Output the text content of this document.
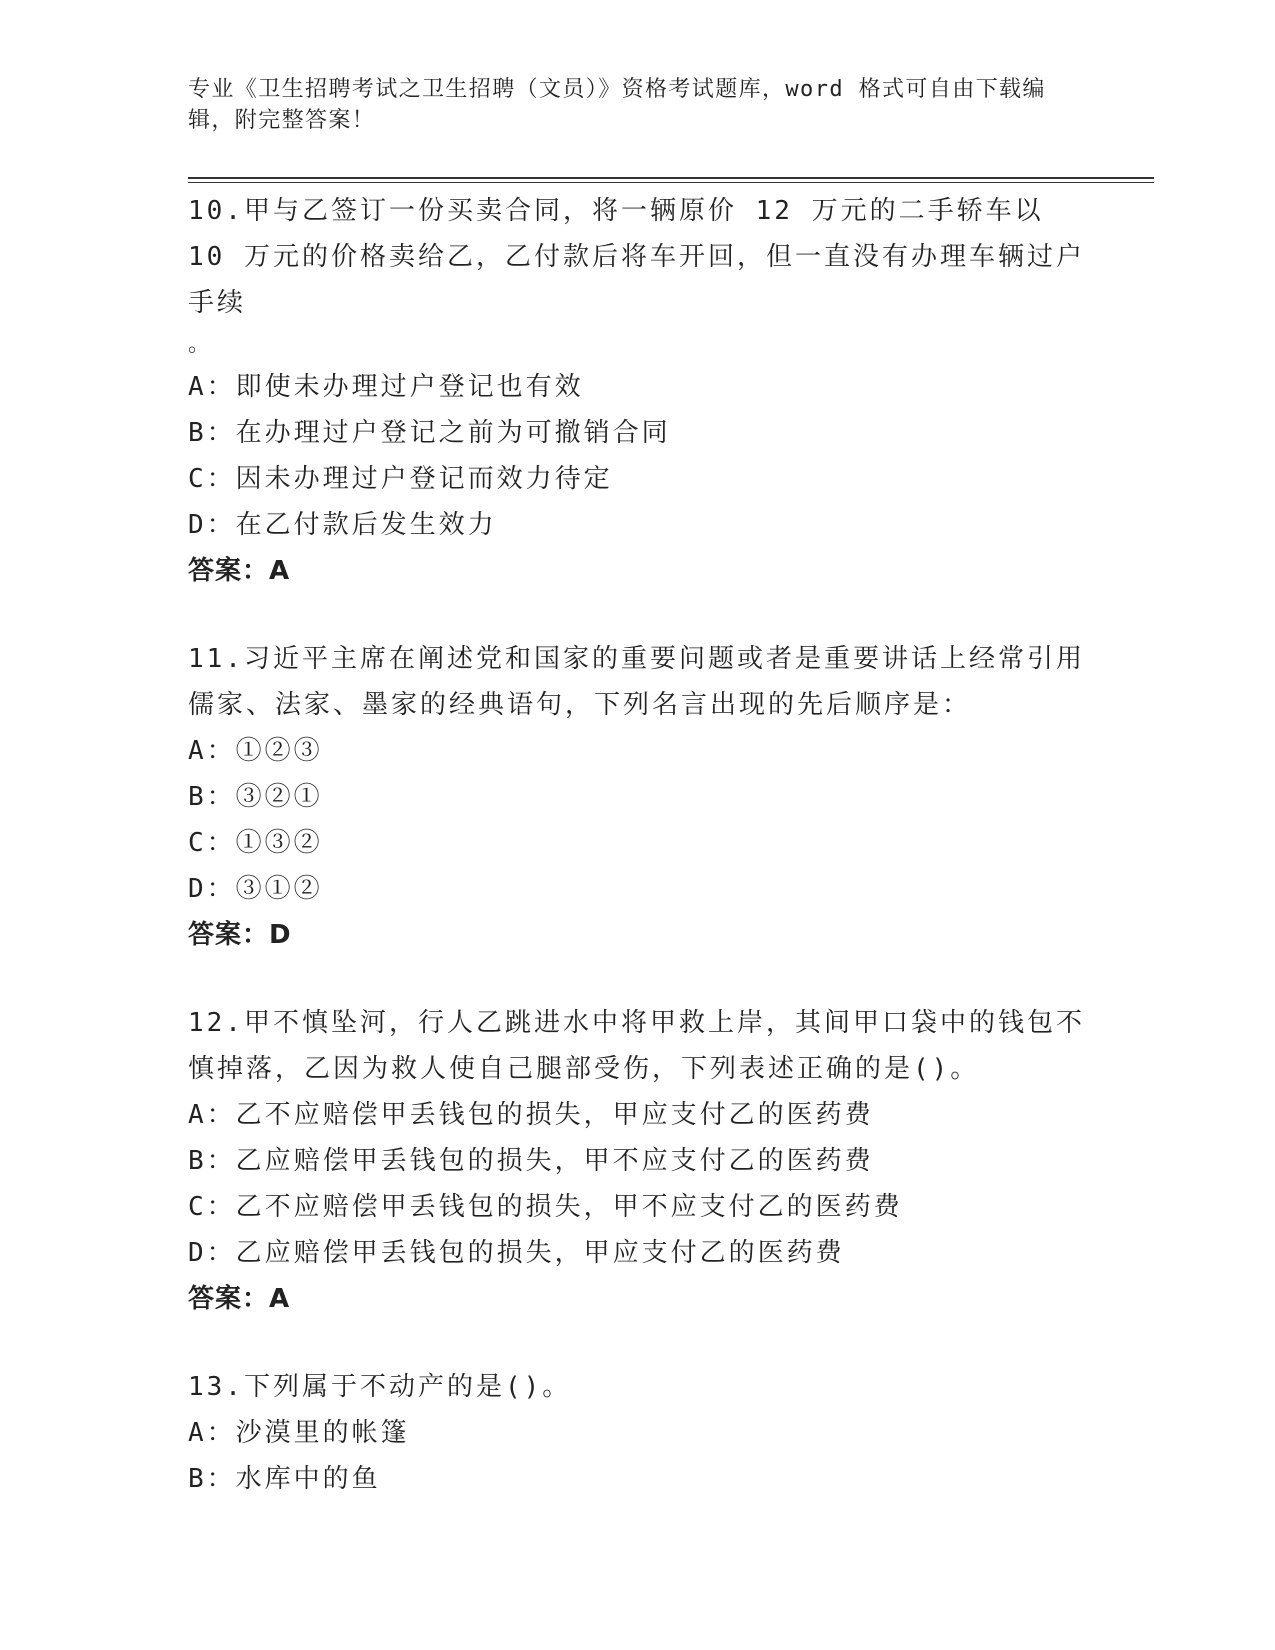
专业《卫生招聘考试之卫生招聘（文员）》资格考试题库，word 格式可自由下载编辑，附完整答案！
10.甲与乙签订一份买卖合同，将一辆原价 12 万元的二手轿车以 10 万元的价格卖给乙，乙付款后将车开回，但一直没有办理车辆过户手续
。
A：即使未办理过户登记也有效
B：在办理过户登记之前为可撤销合同
C：因未办理过户登记而效力待定
D：在乙付款后发生效力
答案：A
11.习近平主席在阐述党和国家的重要问题或者是重要讲话上经常引用儒家、法家、墨家的经典语句，下列名言出现的先后顺序是：
A：①②③
B：③②①
C：①③②
D：③①②
答案：D
12.甲不慎坠河，行人乙跳进水中将甲救上岸，其间甲口袋中的钱包不慎掉落，乙因为救人使自己腿部受伤，下列表述正确的是()。
A：乙不应赔偿甲丢钱包的损失，甲应支付乙的医药费
B：乙应赔偿甲丢钱包的损失，甲不应支付乙的医药费
C：乙不应赔偿甲丢钱包的损失，甲不应支付乙的医药费
D：乙应赔偿甲丢钱包的损失，甲应支付乙的医药费
答案：A
13.下列属于不动产的是()。
A：沙漠里的帐篷
B：水库中的鱼
